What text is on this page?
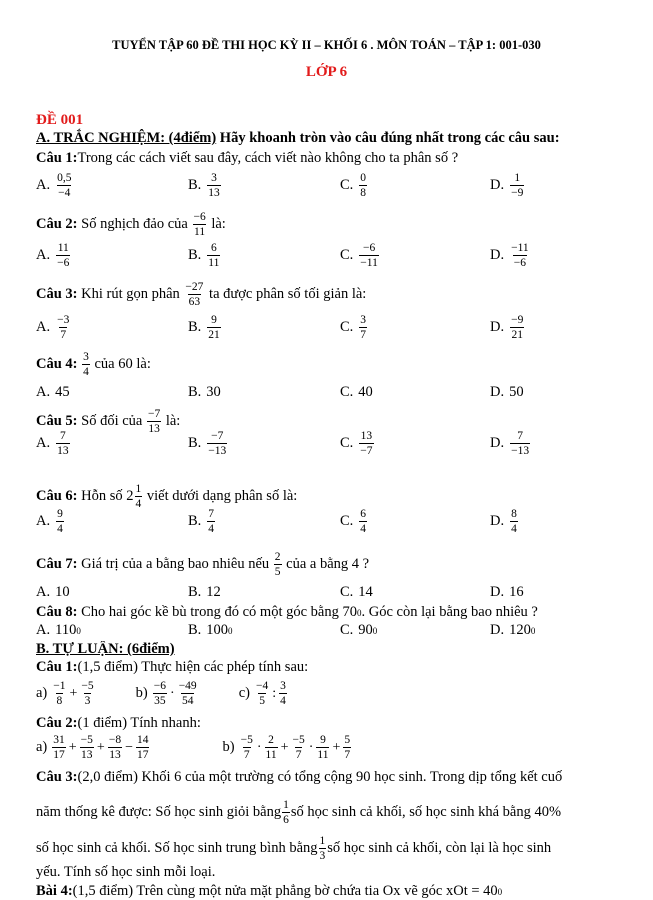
TUYỂN TẬP 60 ĐỀ THI HỌC KỲ II – KHỐI 6 . MÔN TOÁN – TẬP 1: 001-030
LỚP 6
ĐỀ 001
A. TRẮC NGHIỆM: (4điểm) Hãy khoanh tròn vào câu đúng nhất trong các câu sau:
Câu 1: Trong các cách viết sau đây, cách viết nào không cho ta phân số ?
A. $\frac{0,5}{-4}$	B. $\frac{3}{13}$	C. $\frac{0}{8}$	D. $\frac{1}{-9}$
Câu 2: Số nghịch đảo của $\frac{-6}{11}$ là:
A. $\frac{11}{-6}$	B. $\frac{6}{11}$	C. $\frac{-6}{-11}$	D. $\frac{-11}{-6}$
Câu 3: Khi rút gọn phân $\frac{-27}{63}$ ta được phân số tối giản là:
A. $\frac{-3}{7}$	B. $\frac{9}{21}$	C. $\frac{3}{7}$	D. $\frac{-9}{21}$
Câu 4:
$\frac{3}{4}$ của 60 là:
A. 45	B. 30	C. 40	D. 50
Câu 5: Số đối của $\frac{-7}{13}$ là:
A. $\frac{7}{13}$	B. $\frac{-7}{-13}$	C. $\frac{13}{-7}$	D. $\frac{7}{-13}$
Câu 6: Hỗn số $2 \frac{1}{4}$ viết dưới dạng phân số là:
A. $\frac{9}{4}$	B. $\frac{7}{4}$	C. $\frac{6}{4}$	D. $\frac{8}{4}$
Câu 7: Giá trị của a bằng bao nhiêu nếu $\frac{2}{5}$ của a bằng 4 ?
A. 10	B. 12	C. 14	D. 16
Câu 8: Cho hai góc kề bù trong đó có một góc bằng 70 0 . Góc còn lại bằng bao nhiêu ?
A. 110 0	B. 100 0	C. 90 0	D. 120 0
B. TỰ LUẬN: (6điểm)
Câu 1: (1,5 điểm) Thực hiện các phép tính sau:
$a) \frac{-1}{8} + \frac{-5}{3}$	$b) \frac{-6}{35} \cdot \frac{-49}{54}$	$c) \frac{-4}{5}$ : $\frac{3}{4}$
Câu 2: (1 điểm) Tính nhanh:
$a) \frac{31}{17} + \frac{-5}{13} + \frac{-8}{13} - \frac{14}{17}$	$b) \frac{-5}{7} \cdot \frac{2}{11} + \frac{-5}{7} \cdot \frac{9}{11} + \frac{5}{7}$
Câu 3: (2,0 điểm) Khối 6 của một trường có tổng cộng 90 học sinh. Trong dịp tổng kết cuố
năm thống kê được: Số học sinh giỏi bằng $\frac{1}{6}$ số học sinh cả khối, số học sinh khá bằng 40%
số học sinh cả khối. Số học sinh trung bình bằng $\frac{1}{3}$ số học sinh cả khối, còn lại là học sinh
yếu. Tính số học sinh mỗi loại.
Bài 4: (1,5 điểm) Trên cùng một nửa mặt phẳng bờ chứa tia Ox vẽ góc xOt = 40 0
